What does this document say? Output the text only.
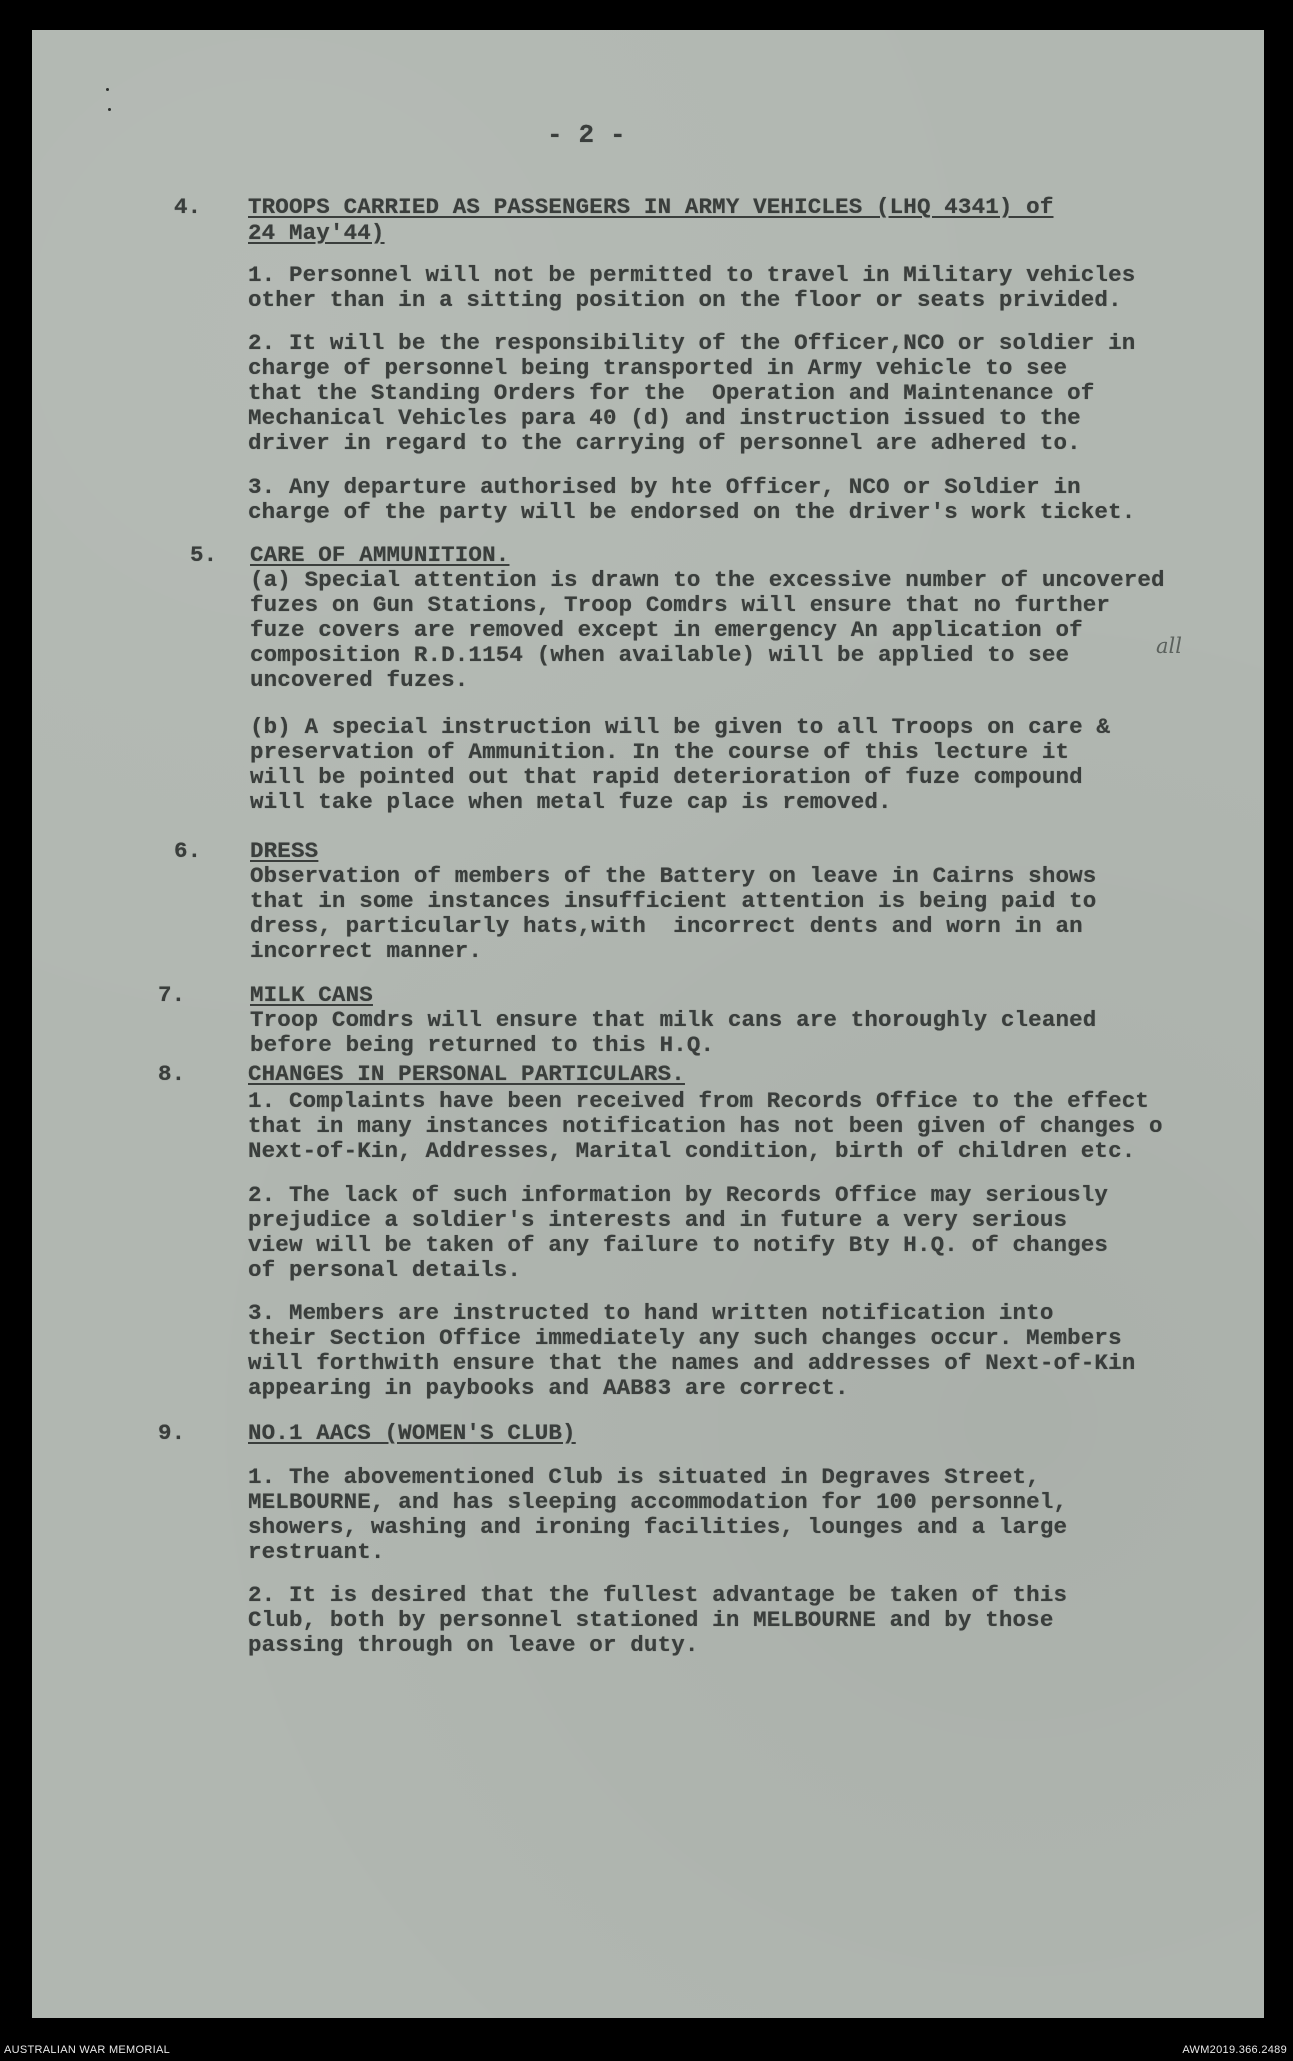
- 2 -
4. TROOPS CARRIED AS PASSENGERS IN ARMY VEHICLES (LHQ 4341) of
24 May'44)
1. Personnel will not be permitted to travel in Military vehicles
other than in a sitting position on the floor or seats privided.
2. It will be the responsibility of the Officer,NCO or soldier in
charge of personnel being transported in Army vehicle to see
that the Standing Orders for the  Operation and Maintenance of
Mechanical Vehicles para 40 (d) and instruction issued to the
driver in regard to the carrying of personnel are adhered to.
3. Any departure authorised by hte Officer, NCO or Soldier in
charge of the party will be endorsed on the driver's work ticket.
5. CARE OF AMMUNITION.
(a) Special attention is drawn to the excessive number of uncovered
fuzes on Gun Stations, Troop Comdrs will ensure that no further
fuze covers are removed except in emergency An application of
composition R.D.1154 (when available) will be applied to see	all
uncovered fuzes.
(b) A special instruction will be given to all Troops on care &
preservation of Ammunition. In the course of this lecture it
will be pointed out that rapid deterioration of fuze compound
will take place when metal fuze cap is removed.
6. DRESS
Observation of members of the Battery on leave in Cairns shows
that in some instances insufficient attention is being paid to
dress, particularly hats,with  incorrect dents and worn in an
incorrect manner.
7.	MILK CANS
Troop Comdrs will ensure that milk cans are thoroughly cleaned
before being returned to this H.Q.
8.	CHANGES IN PERSONAL PARTICULARS.
1. Complaints have been received from Records Office to the effect
that in many instances notification has not been given of changes o
Next-of-Kin, Addresses, Marital condition, birth of children etc.
2. The lack of such information by Records Office may seriously
prejudice a soldier's interests and in future a very serious
view will be taken of any failure to notify Bty H.Q. of changes
of personal details.
3. Members are instructed to hand written notification into
their Section Office immediately any such changes occur. Members
will forthwith ensure that the names and addresses of Next-of-Kin
appearing in paybooks and AAB83 are correct.
9.	NO.1 AACS (WOMEN'S CLUB)
1. The abovementioned Club is situated in Degraves Street,
MELBOURNE, and has sleeping accommodation for 100 personnel,
showers, washing and ironing facilities, lounges and a large
restruant.
2. It is desired that the fullest advantage be taken of this
Club, both by personnel stationed in MELBOURNE and by those
passing through on leave or duty.
AUSTRALIAN WAR MEMORIAL	AWM2019.366.2489
